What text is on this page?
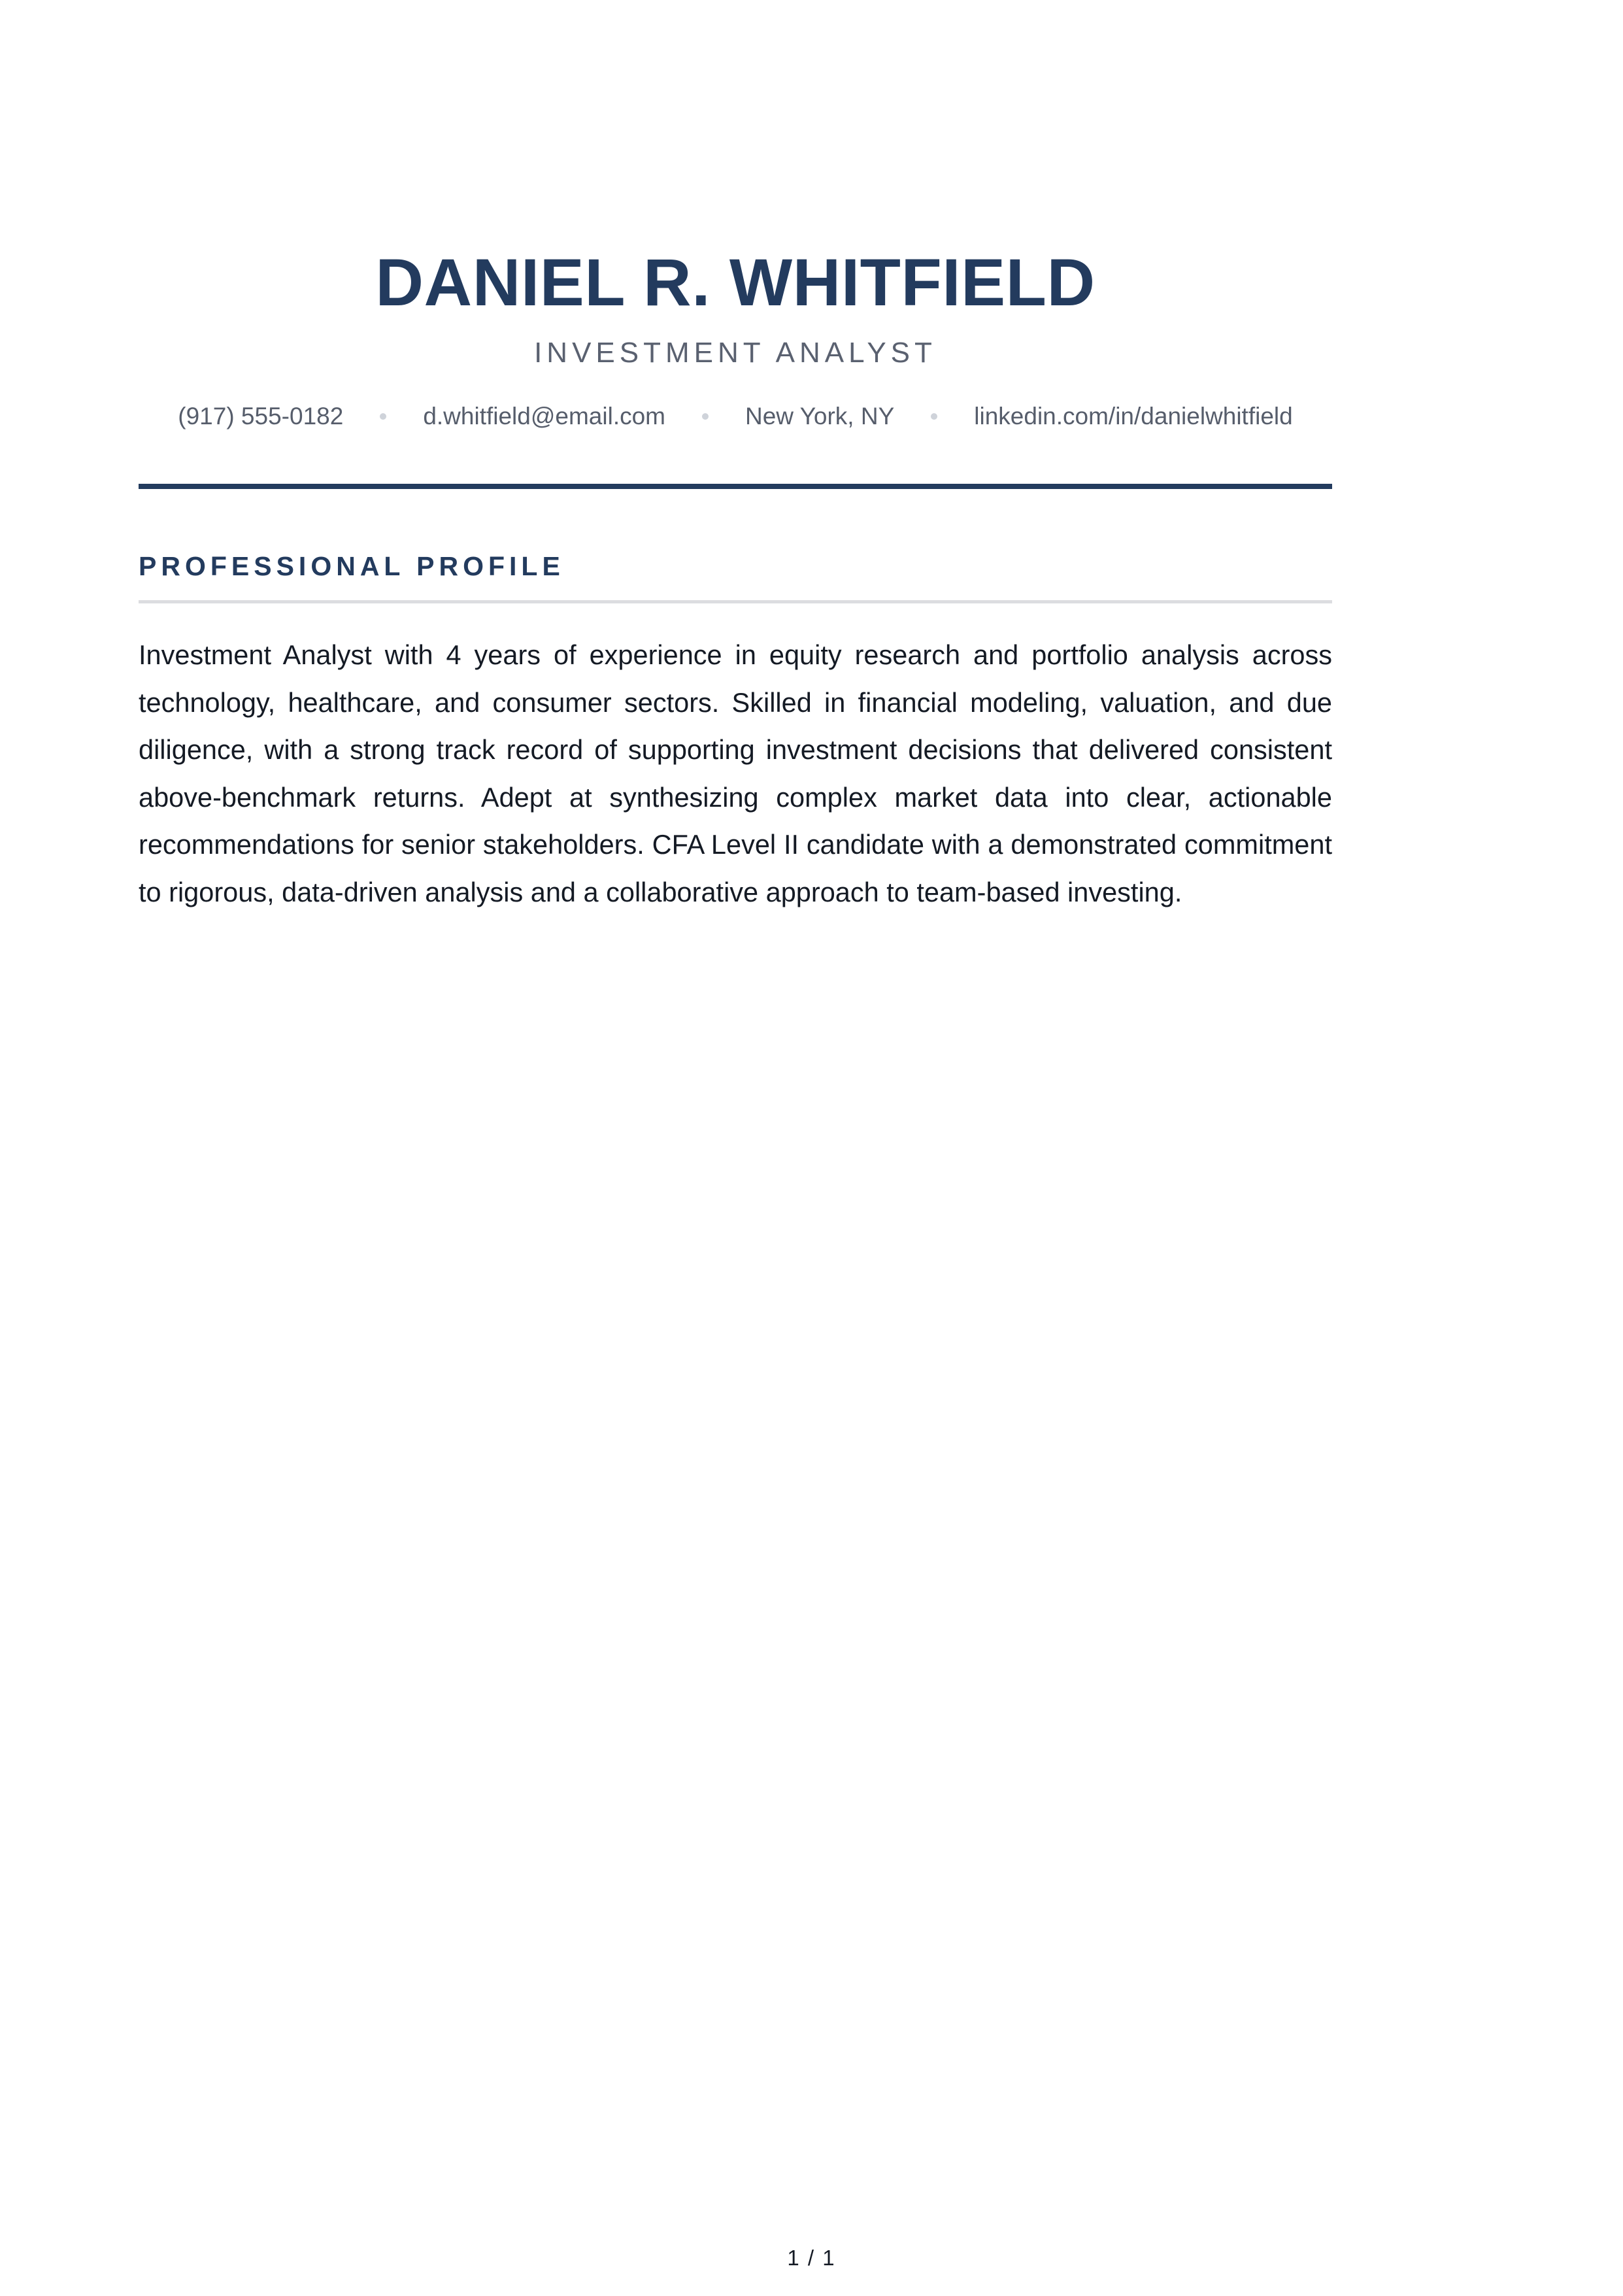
DANIEL R. WHITFIELD
INVESTMENT ANALYST
(917) 555-0182	d.whitfield@email.com	New York, NY	linkedin.com/in/danielwhitfield
PROFESSIONAL PROFILE

Investment Analyst with 4 years of experience in equity research and portfolio analysis across technology, healthcare, and consumer sectors. Skilled in financial modeling, valuation, and due diligence, with a strong track record of supporting investment decisions that delivered consistent above-benchmark returns. Adept at synthesizing complex market data into clear, actionable recommendations for senior stakeholders. CFA Level II candidate with a demonstrated commitment to rigorous, data-driven analysis and a collaborative approach to team-based investing.

1 / 1
